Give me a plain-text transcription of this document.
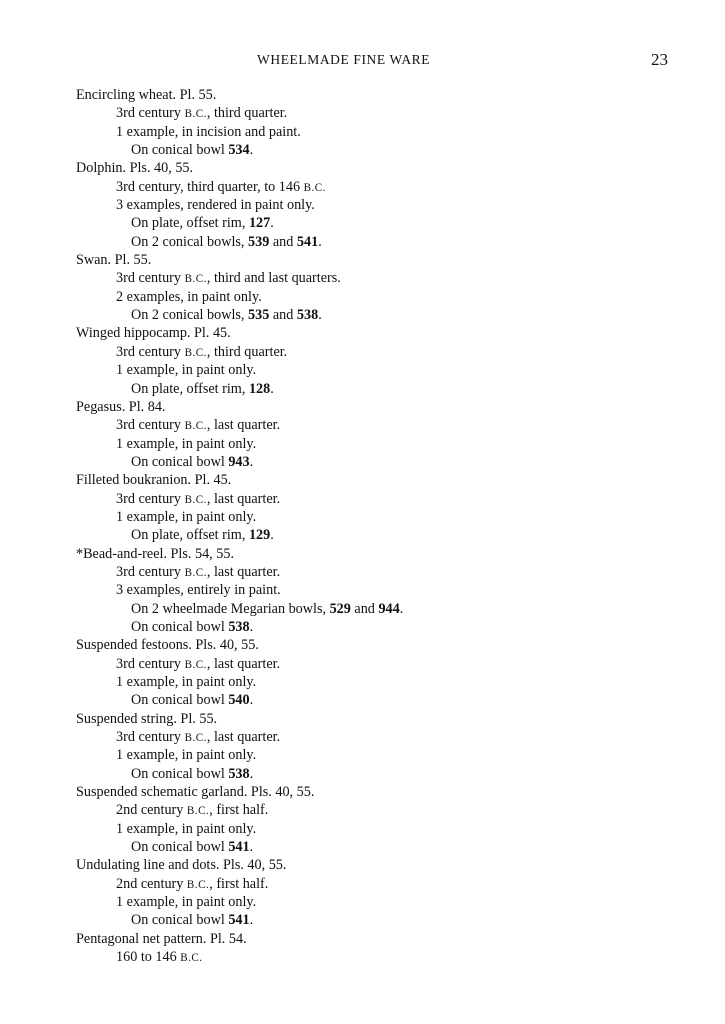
WHEELMADE FINE WARE	23
Encircling wheat. Pl. 55.
3rd century B.C., third quarter.
1 example, in incision and paint.
On conical bowl 534.
Dolphin. Pls. 40, 55.
3rd century, third quarter, to 146 B.C.
3 examples, rendered in paint only.
On plate, offset rim, 127.
On 2 conical bowls, 539 and 541.
Swan. Pl. 55.
3rd century B.C., third and last quarters.
2 examples, in paint only.
On 2 conical bowls, 535 and 538.
Winged hippocamp. Pl. 45.
3rd century B.C., third quarter.
1 example, in paint only.
On plate, offset rim, 128.
Pegasus. Pl. 84.
3rd century B.C., last quarter.
1 example, in paint only.
On conical bowl 943.
Filleted boukranion. Pl. 45.
3rd century B.C., last quarter.
1 example, in paint only.
On plate, offset rim, 129.
*Bead-and-reel. Pls. 54, 55.
3rd century B.C., last quarter.
3 examples, entirely in paint.
On 2 wheelmade Megarian bowls, 529 and 944.
On conical bowl 538.
Suspended festoons. Pls. 40, 55.
3rd century B.C., last quarter.
1 example, in paint only.
On conical bowl 540.
Suspended string. Pl. 55.
3rd century B.C., last quarter.
1 example, in paint only.
On conical bowl 538.
Suspended schematic garland. Pls. 40, 55.
2nd century B.C., first half.
1 example, in paint only.
On conical bowl 541.
Undulating line and dots. Pls. 40, 55.
2nd century B.C., first half.
1 example, in paint only.
On conical bowl 541.
Pentagonal net pattern. Pl. 54.
160 to 146 B.C.
